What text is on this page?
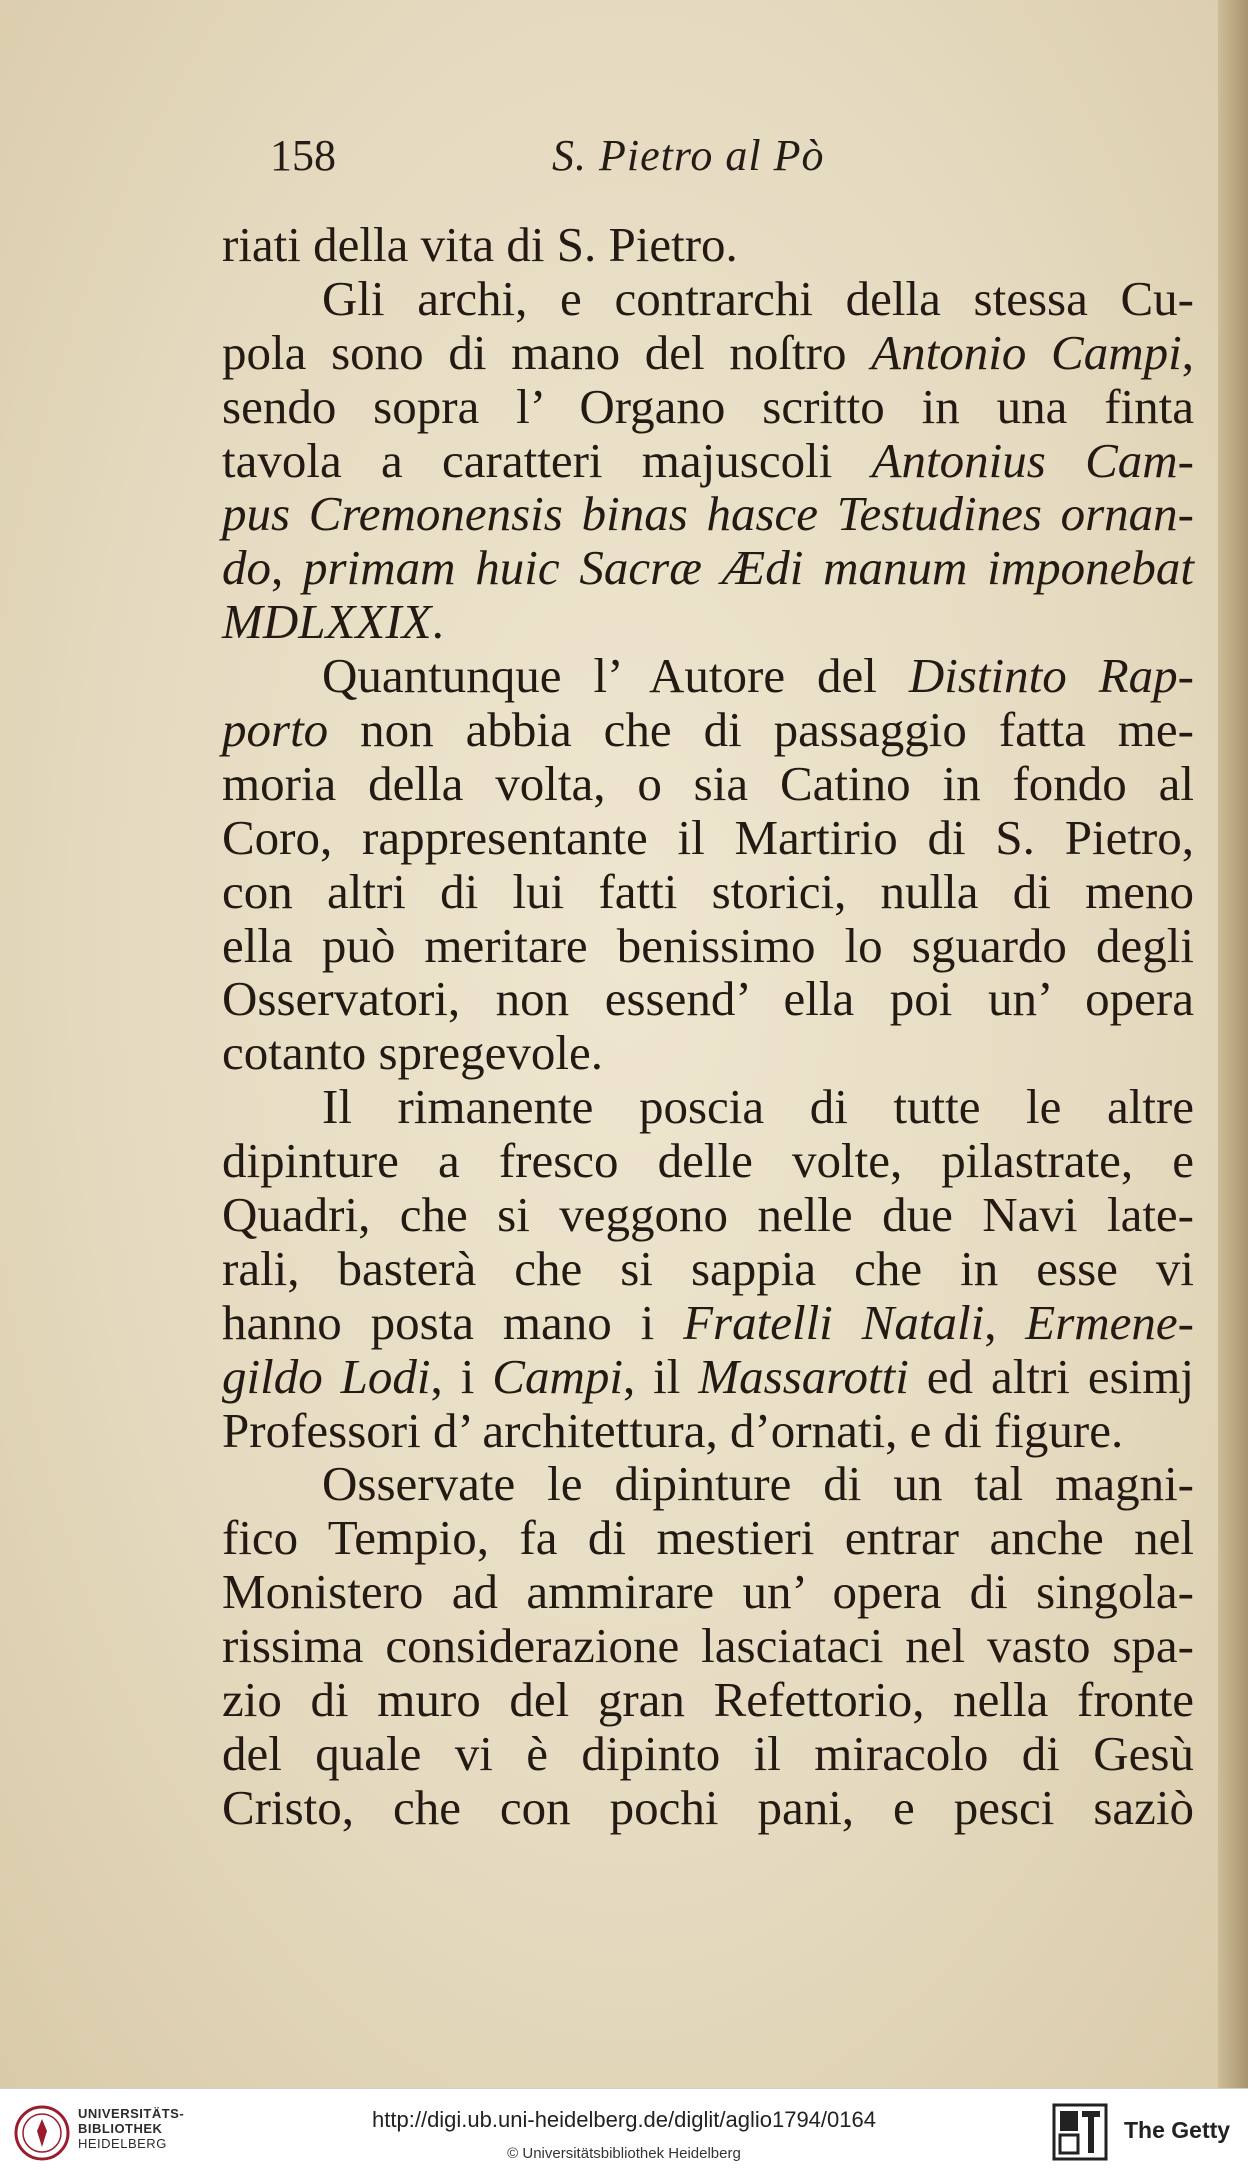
158	S. Pietro al Pò
riati della vita di S. Pietro.
Gli archi, e contrarchi della stessa Cu-
pola sono di mano del noſtro Antonio Campi,
sendo sopra l’ Organo scritto in una finta
tavola a caratteri majuscoli Antonius Cam-
pus Cremonensis binas hasce Testudines ornan-
do, primam huic Sacræ Ædi manum imponebat
MDLXXIX.
Quantunque l’ Autore del Distinto Rap-
porto non abbia che di passaggio fatta me-
moria della volta, o sia Catino in fondo al
Coro, rappresentante il Martirio di S. Pietro,
con altri di lui fatti storici, nulla di meno
ella può meritare benissimo lo sguardo degli
Osservatori, non essend’ ella poi un’ opera
cotanto spregevole.
Il rimanente poscia di tutte le altre
dipinture a fresco delle volte, pilastrate, e
Quadri, che si veggono nelle due Navi late-
rali, basterà che si sappia che in esse vi
hanno posta mano i Fratelli Natali, Ermene-
gildo Lodi, i Campi, il Massarotti ed altri esimj
Professori d’ architettura, d’ornati, e di figure.
Osservate le dipinture di un tal magni-
fico Tempio, fa di mestieri entrar anche nel
Monistero ad ammirare un’ opera di singola-
rissima considerazione lasciataci nel vasto spa-
zio di muro del gran Refettorio, nella fronte
del quale vi è dipinto il miracolo di Gesù
Cristo, che con pochi pani, e pesci saziò
UNIVERSITÄTS-
BIBLIOTHEK
HEIDELBERG
http://digi.ub.uni-heidelberg.de/diglit/aglio1794/0164
© Universitätsbibliothek Heidelberg
The Getty
